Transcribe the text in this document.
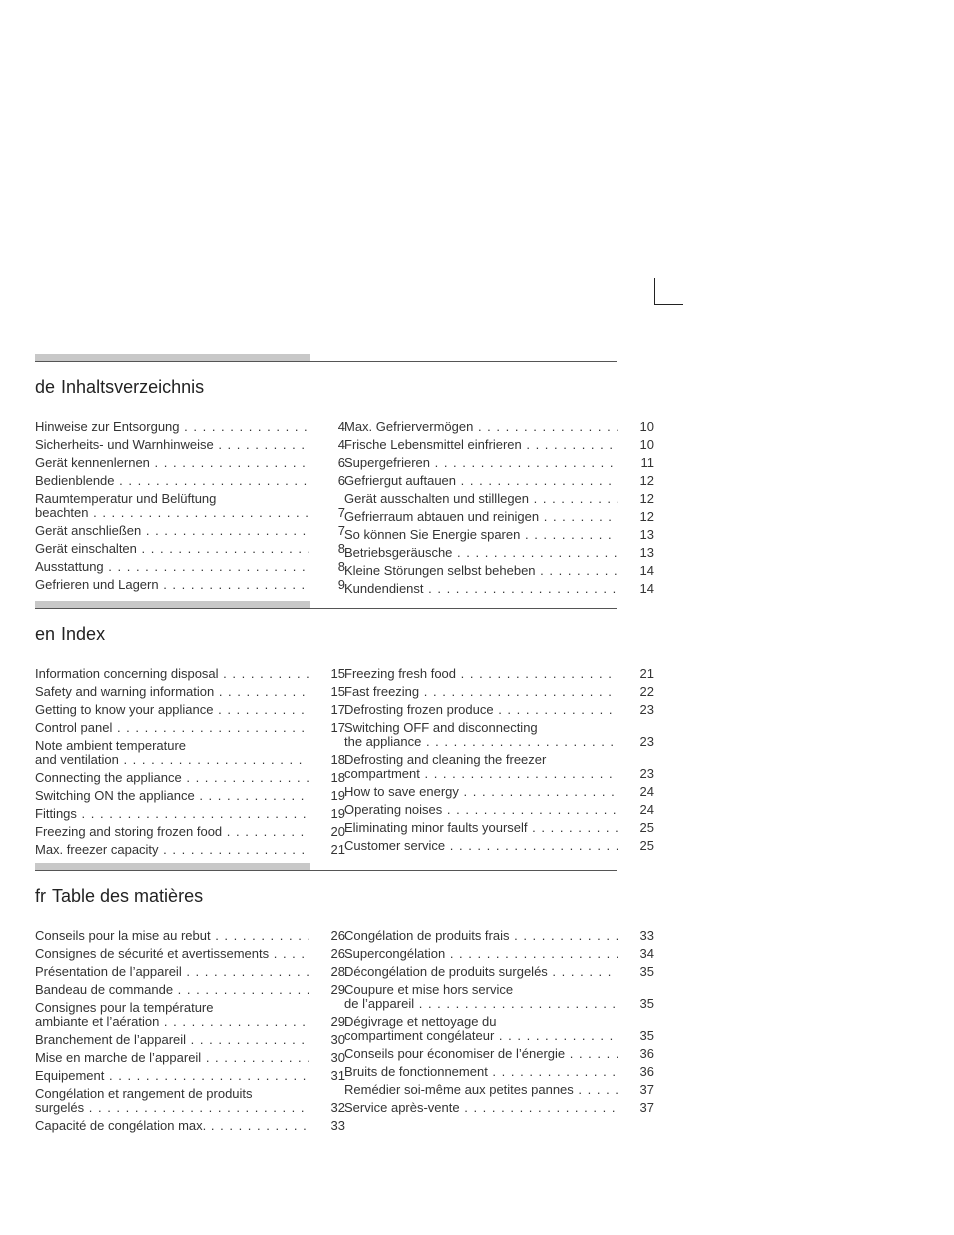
de Inhaltsverzeichnis
Hinweise zur Entsorgung . . .	4
Sicherheits- und Warnhinweise . . .	4
Gerät kennenlernen . . .	6
Bedienblende . . .	6
Raumtemperatur und Belüftung
beachten . . .	7
Gerät anschließen . . .	7
Gerät einschalten . . .	8
Ausstattung . . .	8
Gefrieren und Lagern . . .	9
Max. Gefriervermögen . . .	10
Frische Lebensmittel einfrieren . . .	10
Supergefrieren . . .	11
Gefriergut auftauen . . .	12
Gerät ausschalten und stilllegen . . .	12
Gefrierraum abtauen und reinigen . . .	12
So können Sie Energie sparen . . .	13
Betriebsgeräusche . . .	13
Kleine Störungen selbst beheben . . .	14
Kundendienst . . .	14
en Index
Information concerning disposal . . .	15
Safety and warning information . . .	15
Getting to know your appliance . . .	17
Control panel . . .	17
Note ambient temperature
and ventilation . . .	18
Connecting the appliance . . .	18
Switching ON the appliance . . .	19
Fittings . . .	19
Freezing and storing frozen food . . .	20
Max. freezer capacity . . .	21
Freezing fresh food . . .	21
Fast freezing . . .	22
Defrosting frozen produce . . .	23
Switching OFF and disconnecting
the appliance . . .	23
Defrosting and cleaning the freezer
compartment . . .	23
How to save energy . . .	24
Operating noises . . .	24
Eliminating minor faults yourself . . .	25
Customer service . . .	25
fr Table des matières
Conseils pour la mise au rebut . . .	26
Consignes de sécurité et avertissements . . .	26
Présentation de l’appareil . . .	28
Bandeau de commande . . .	29
Consignes pour la température
ambiante et l’aération . . .	29
Branchement de l’appareil . . .	30
Mise en marche de l’appareil . . .	30
Equipement . . .	31
Congélation et rangement de produits
surgelés . . .	32
Capacité de congélation max. . . .	33
Congélation de produits frais . . .	33
Supercongélation . . .	34
Décongélation de produits surgelés . . .	35
Coupure et mise hors service
de l’appareil . . .	35
Dégivrage et nettoyage du
compartiment congélateur . . .	35
Conseils pour économiser de l’énergie . . .	36
Bruits de fonctionnement . . .	36
Remédier soi-même aux petites pannes . . .	37
Service après-vente . . .	37
